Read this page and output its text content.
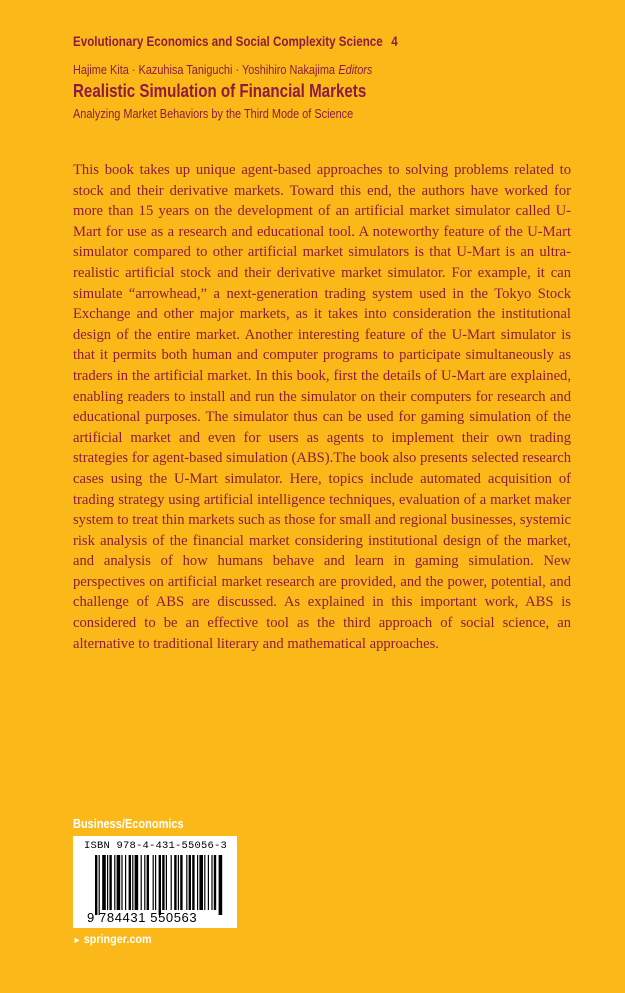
Evolutionary Economics and Social Complexity Science 4
Hajime Kita · Kazuhisa Taniguchi · Yoshihiro Nakajima Editors
Realistic Simulation of Financial Markets
Analyzing Market Behaviors by the Third Mode of Science

This book takes up unique agent-based approaches to solving problems related to stock and their derivative markets. Toward this end, the authors have worked for more than 15 years on the development of an artificial market simulator called U-Mart for use as a research and educational tool. A noteworthy feature of the U-Mart simulator compared to other artificial market simulators is that U-Mart is an ultra-realistic artificial stock and their derivative market simulator. For example, it can simulate “arrowhead,” a next-generation trading system used in the Tokyo Stock Exchange and other major markets, as it takes into consideration the institutional design of the entire market. Another interesting feature of the U-Mart simulator is that it permits both human and computer programs to participate simultaneously as traders in the artificial market. In this book, first the details of U-Mart are explained, enabling readers to install and run the simulator on their computers for research and educational purposes. The simulator thus can be used for gaming simulation of the artificial market and even for users as agents to implement their own trading strategies for agent-based simulation (ABS).The book also presents selected research cases using the U-Mart simulator. Here, topics include automated acquisition of trading strategy using artificial intelligence techniques, evaluation of a market maker system to treat thin markets such as those for small and regional businesses, systemic risk analysis of the financial market considering institutional design of the market, and analysis of how humans behave and learn in gaming simulation. New perspectives on artificial market research are provided, and the power, potential, and challenge of ABS are discussed. As explained in this important work, ABS is considered to be an effective tool as the third approach of social science, an alternative to traditional literary and mathematical approaches.

Business/Economics
ISBN 978-4-431-55056-3
9 784431 550563
► springer.com
